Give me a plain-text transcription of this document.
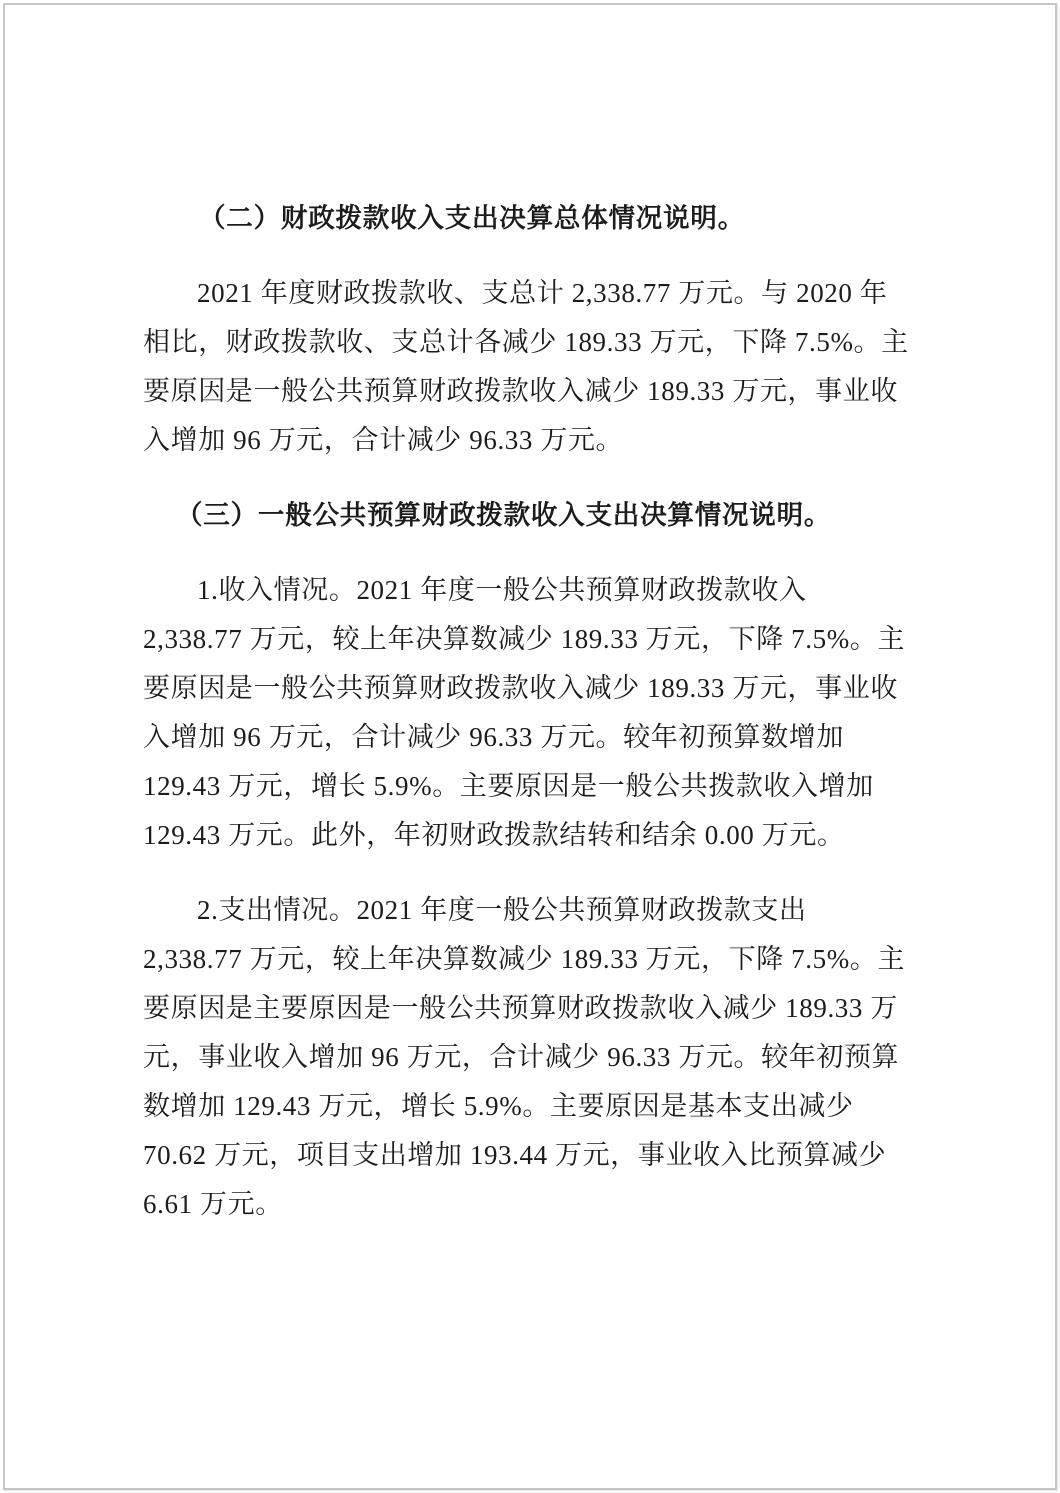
（二）财政拨款收入支出决算总体情况说明。
2021 年度财政拨款收、支总计 2,338.77 万元。与 2020 年
相比，财政拨款收、支总计各减少 189.33 万元，下降 7.5%。主
要原因是一般公共预算财政拨款收入减少 189.33 万元，事业收
入增加 96 万元，合计减少 96.33 万元。
（三）一般公共预算财政拨款收入支出决算情况说明。
1.收入情况。2021 年度一般公共预算财政拨款收入
2,338.77 万元，较上年决算数减少 189.33 万元，下降 7.5%。主
要原因是一般公共预算财政拨款收入减少 189.33 万元，事业收
入增加 96 万元，合计减少 96.33 万元。较年初预算数增加
129.43 万元，增长 5.9%。主要原因是一般公共拨款收入增加
129.43 万元。此外，年初财政拨款结转和结余 0.00 万元。
2.支出情况。2021 年度一般公共预算财政拨款支出
2,338.77 万元，较上年决算数减少 189.33 万元，下降 7.5%。主
要原因是主要原因是一般公共预算财政拨款收入减少 189.33 万
元，事业收入增加 96 万元，合计减少 96.33 万元。较年初预算
数增加 129.43 万元，增长 5.9%。主要原因是基本支出减少
70.62 万元，项目支出增加 193.44 万元，事业收入比预算减少
6.61 万元。
